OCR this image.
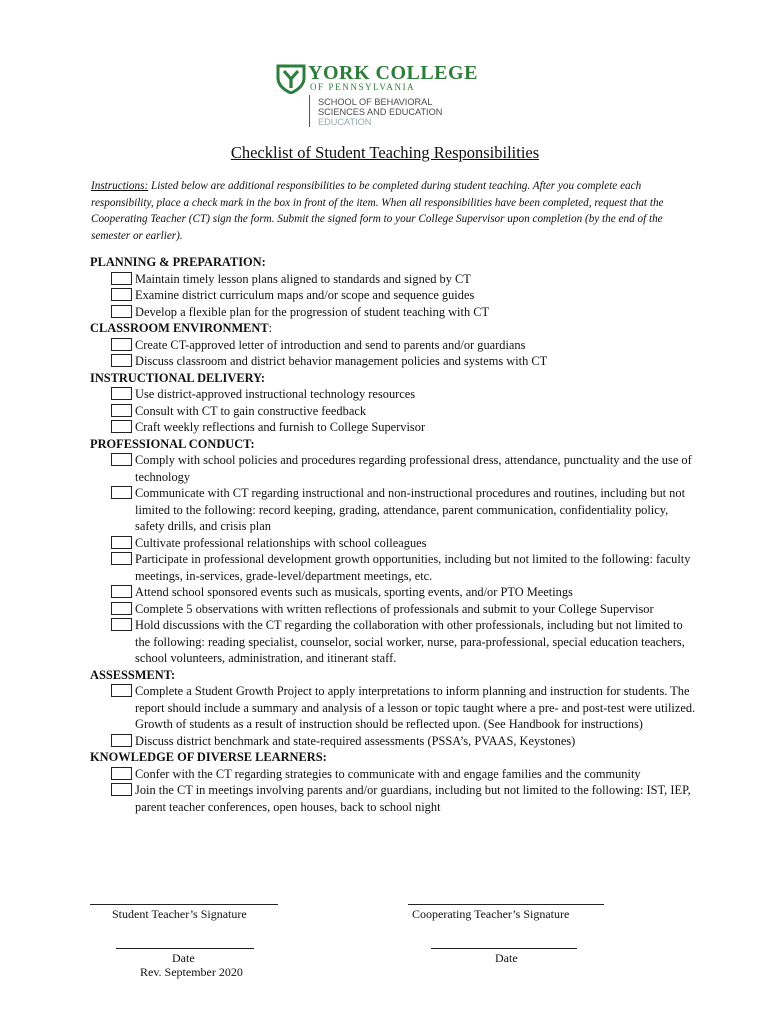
YORK COLLEGE
OF PENNSYLVANIA
SCHOOL OF BEHAVIORAL
SCIENCES AND EDUCATION
EDUCATION
Checklist of Student Teaching Responsibilities

Instructions: Listed below are additional responsibilities to be completed during student teaching. After you complete each responsibility, place a check mark in the box in front of the item. When all responsibilities have been completed, request that the Cooperating Teacher (CT) sign the form. Submit the signed form to your College Supervisor upon completion (by the end of the semester or earlier).

PLANNING & PREPARATION:

Maintain timely lesson plans aligned to standards and signed by CT
Examine district curriculum maps and/or scope and sequence guides
Develop a flexible plan for the progression of student teaching with CT

CLASSROOM ENVIRONMENT:

Create CT-approved letter of introduction and send to parents and/or guardians
Discuss classroom and district behavior management policies and systems with CT

INSTRUCTIONAL DELIVERY:

Use district-approved instructional technology resources
Consult with CT to gain constructive feedback
Craft weekly reflections and furnish to College Supervisor

PROFESSIONAL CONDUCT:

Comply with school policies and procedures regarding professional dress, attendance, punctuality and the use of technology
Communicate with CT regarding instructional and non-instructional procedures and routines, including but not limited to the following: record keeping, grading, attendance, parent communication, confidentiality policy, safety drills, and crisis plan
Cultivate professional relationships with school colleagues
Participate in professional development growth opportunities, including but not limited to the following: faculty meetings, in-services, grade-level/department meetings, etc.
Attend school sponsored events such as musicals, sporting events, and/or PTO Meetings
Complete 5 observations with written reflections of professionals and submit to your College Supervisor
Hold discussions with the CT regarding the collaboration with other professionals, including but not limited to the following: reading specialist, counselor, social worker, nurse, para-professional, special education teachers, school volunteers, administration, and itinerant staff.

ASSESSMENT:

Complete a Student Growth Project to apply interpretations to inform planning and instruction for students. The report should include a summary and analysis of a lesson or topic taught where a pre- and post-test were utilized. Growth of students as a result of instruction should be reflected upon. (See Handbook for instructions)
Discuss district benchmark and state-required assessments (PSSA’s, PVAAS, Keystones)

KNOWLEDGE OF DIVERSE LEARNERS:

Confer with the CT regarding strategies to communicate with and engage families and the community
Join the CT in meetings involving parents and/or guardians, including but not limited to the following: IST, IEP, parent teacher conferences, open houses, back to school night
Student Teacher’s Signature	Cooperating Teacher’s Signature
Date	Date
Rev. September 2020
